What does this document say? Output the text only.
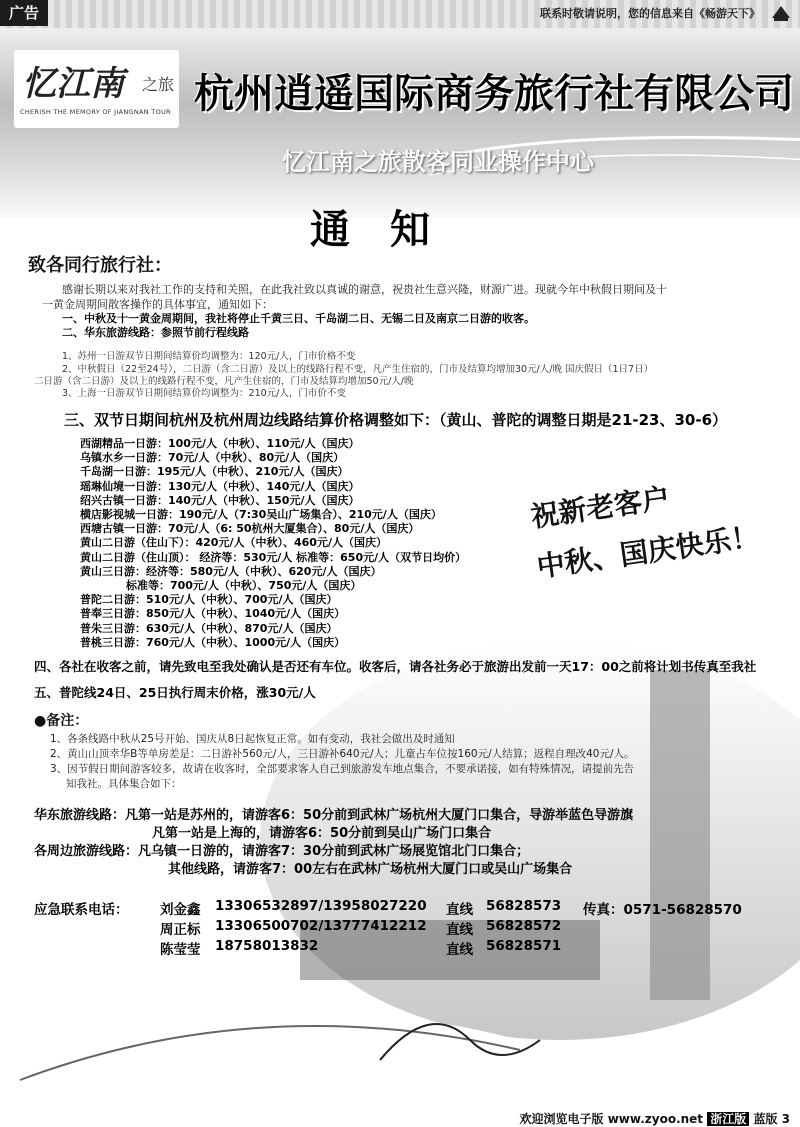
广告	联系时敬请说明，您的信息来自《畅游天下》
忆江南 之旅
CHERISH THE MEMORY OF JIANGNAN TOUR 杭州逍遥国际商务旅行社有限公司
忆江南之旅散客同业操作中心
通知
致各同行旅行社：
感谢长期以来对我社工作的支持和关照，在此我社致以真诚的谢意，祝贵社生意兴隆，财源广进。现就今年中秋假日期间及十
一黄金周期间散客操作的具体事宜，通知如下：
一、中秋及十一黄金周期间，我社将停止千黄三日、千岛湖二日、无锡二日及南京二日游的收客。
二、华东旅游线路：参照节前行程线路
1、苏州一日游双节日期间结算价均调整为：120元/人，门市价格不变
2、中秋假日（22至24号），二日游（含二日游）及以上的线路行程不变，凡产生住宿的，门市及结算均增加30元/人/晚 国庆假日（1日7日）
二日游（含二日游）及以上的线路行程不变，凡产生住宿的，门市及结算均增加50元/人/晚
3、上海一日游双节日期间结算价均调整为：210元/人，门市价不变
三、双节日期间杭州及杭州周边线路结算价格调整如下：（黄山、普陀的调整日期是21-23、30-6）
西湖精品一日游：100元/人（中秋）、110元/人（国庆）
乌镇水乡一日游：70元/人（中秋）、80元/人（国庆）
千岛湖一日游：195元/人（中秋）、210元/人（国庆）
瑶琳仙境一日游：130元/人（中秋）、140元/人（国庆）
绍兴古镇一日游：140元/人（中秋）、150元/人（国庆）
横店影视城一日游：190元/人（7:30吴山广场集合）、210元/人（国庆）
西塘古镇一日游：70元/人（6: 50杭州大厦集合）、80元/人（国庆）
黄山二日游（住山下）：420元/人（中秋）、460元/人（国庆）
黄山二日游（住山顶）： 经济等：530元/人 标准等：650元/人（双节日均价）
黄山三日游：经济等：580元/人（中秋）、620元/人（国庆）
标准等：700元/人（中秋）、750元/人（国庆）
普陀二日游：510元/人（中秋）、700元/人（国庆）
普奉三日游：850元/人（中秋）、1040元/人（国庆）
普朱三日游：630元/人（中秋）、870元/人（国庆）
普桃三日游：760元/人（中秋）、1000元/人（国庆）
祝新老客户
中秋、国庆快乐！
四、各社在收客之前，请先致电至我处确认是否还有车位。收客后，请各社务必于旅游出发前一天17：00之前将计划书传真至我社
五、普陀线24日、25日执行周末价格，涨30元/人
●备注：
1、各条线路中秋从25号开始、国庆从8日起恢复正常。如有变动，我社会做出及时通知
2、黄山山顶幸华B等单房差是：二日游补560元/人，三日游补640元/人；儿童占车位按160元/人结算；返程自理改40元/人。
3、因节假日期间游客较多，故请在收客时，全部要求客人自己到旅游发车地点集合，不要承诺接，如有特殊情况，请提前先告
知我社。具体集合如下：
华东旅游线路：凡第一站是苏州的，请游客6：50分前到武林广场杭州大厦门口集合，导游举蓝色导游旗
凡第一站是上海的，请游客6：50分前到吴山广场门口集合
各周边旅游线路：凡乌镇一日游的，请游客7：30分前到武林广场展览馆北门口集合；
其他线路，请游客7：00左右在武林广场杭州大厦门口或吴山广场集合
应急联系电话： 刘金鑫 13306532897/13958027220 直线 56828573 传真：0571-56828570
周正标 13306500702/13777412212 直线 56828572
陈莹莹 18758013832	直线 56828571
欢迎浏览电子版 www.zyoo.net 浙江版 蓝版 3
